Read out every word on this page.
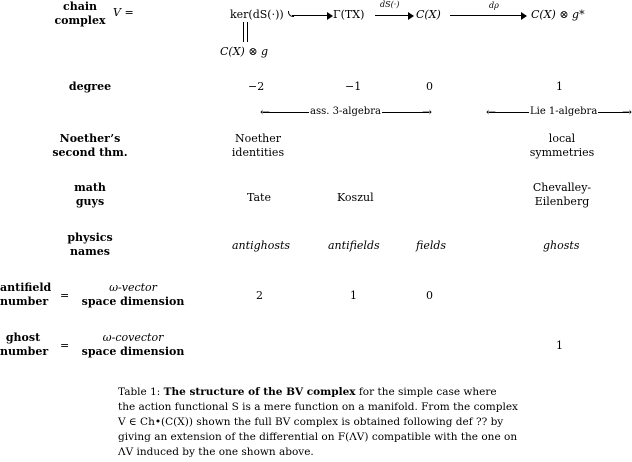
chain
complex
V =	ker(dS(·))	Γ(TX)
dS(·)
C(X)
dρ
C(X) ⊗ g*
C(X) ⊗ g
degree	−2	−1	0	1
← ass. 3-algebra
→
←	Lie 1-algebra
→
Noether’s
second thm.
Noether
identities
local
symmetries
math
guys	Tate	Koszul
Chevalley-
Eilenberg
physics
names	antighosts	antifields	fields	ghosts
antifield
number =
ω-vector
space dimension	2	1	0
ghost
number =
ω-covector
space dimension	1
Table 1: The structure of the BV complex for the simple case where
the action functional S is a mere function on a manifold. From the complex
V ∈ Ch•(C(X)) shown the full BV complex is obtained following def ?? by
giving an extension of the differential on F(ΛV) compatible with the one on
ΛV induced by the one shown above.
